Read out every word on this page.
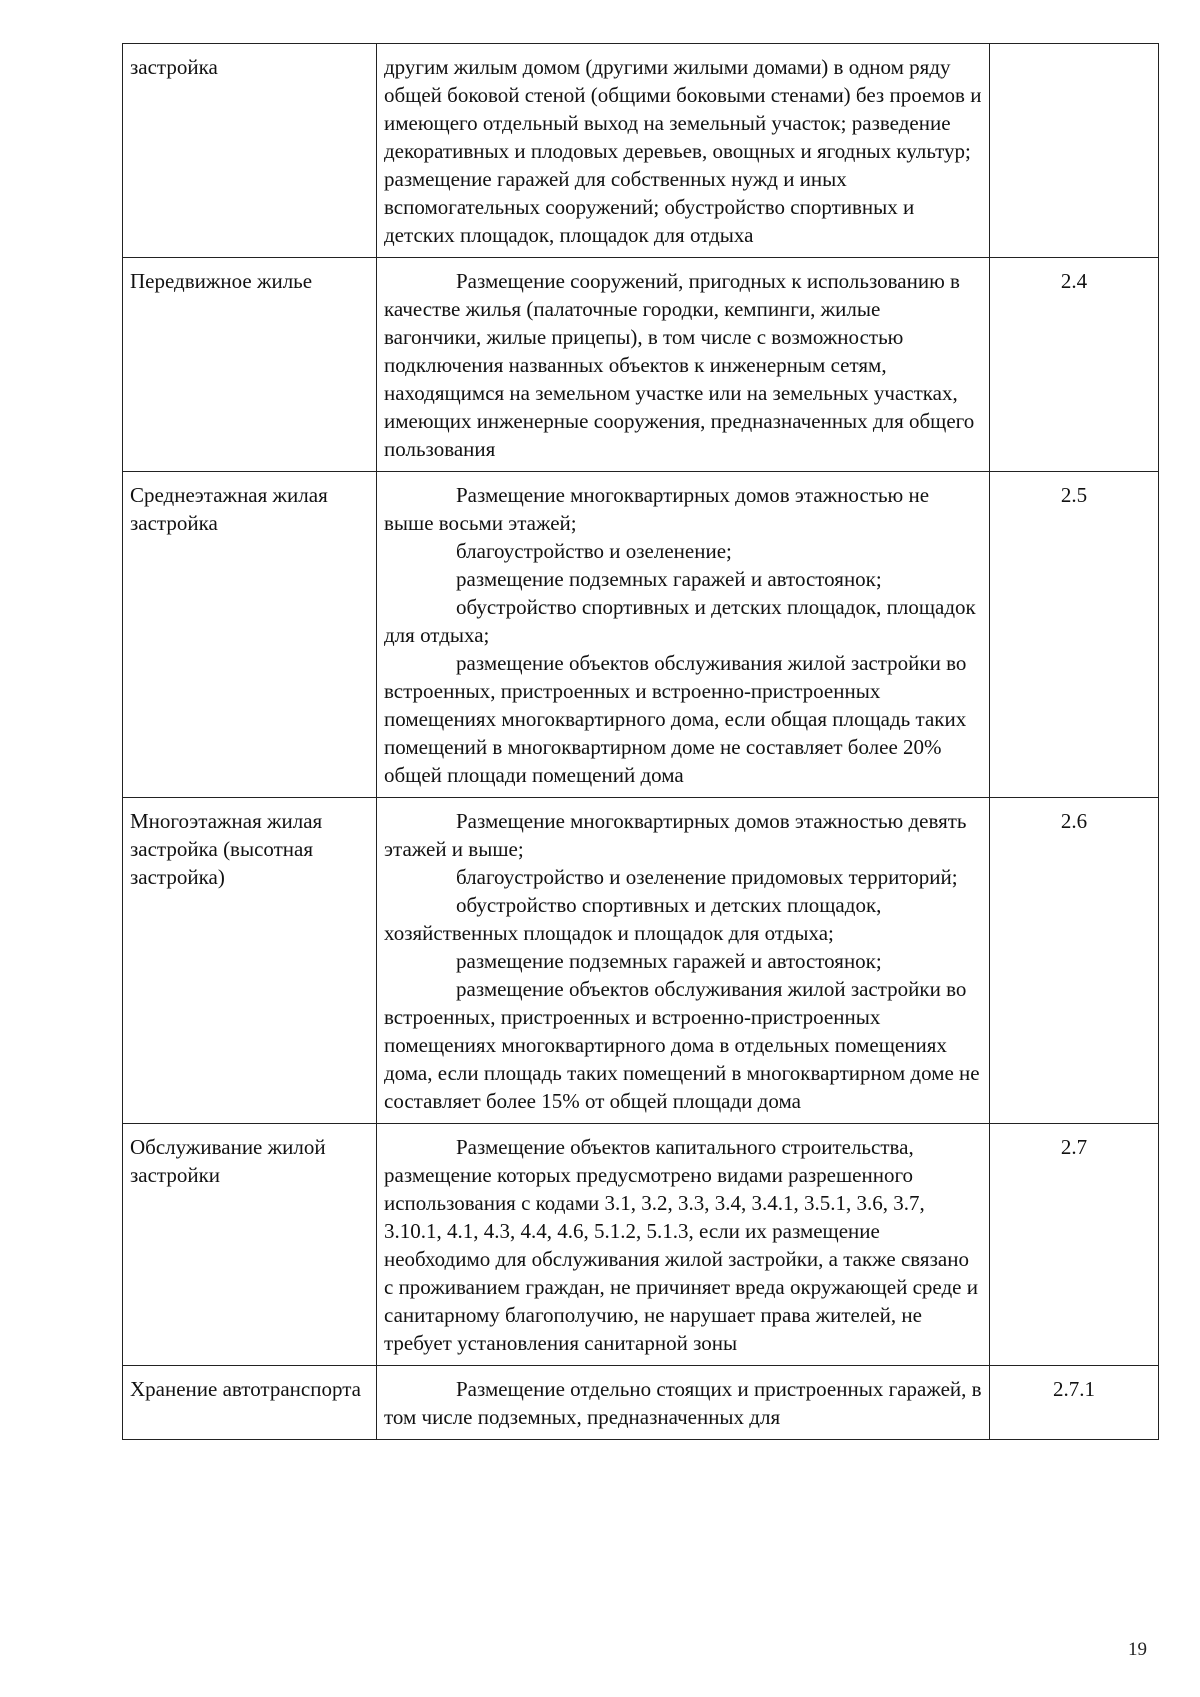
застройка	другим жилым домом (другими жилыми домами) в одном ряду общей боковой стеной (общими боковыми стенами) без проемов и имеющего отдельный выход на земельный участок; разведение декоративных и плодовых деревьев, овощных и ягодных культур; размещение гаражей для собственных нужд и иных вспомогательных сооружений; обустройство спортивных и детских площадок, площадок для отдыха	

Передвижное жилье	Размещение сооружений, пригодных к использованию в качестве жилья (палаточные городки, кемпинги, жилые вагончики, жилые прицепы), в том числе с возможностью подключения названных объектов к инженерным сетям, находящимся на земельном участке или на земельных участках, имеющих инженерные сооружения, предназначенных для общего пользования	2.4
Среднеэтажная жилая застройка	Размещение многоквартирных домов этажностью не выше восьми этажей;
благоустройство и озеленение;
размещение подземных гаражей и автостоянок;
обустройство спортивных и детских площадок, площадок для отдыха;
размещение объектов обслуживания жилой застройки во встроенных, пристроенных и встроенно-пристроенных помещениях многоквартирного дома, если общая площадь таких помещений в многоквартирном доме не составляет более 20% общей площади помещений дома	2.5
Многоэтажная жилая застройка (высотная застройка)	Размещение многоквартирных домов этажностью девять этажей и выше;
благоустройство и озеленение придомовых территорий;
обустройство спортивных и детских площадок, хозяйственных площадок и площадок для отдыха;
размещение подземных гаражей и автостоянок;
размещение объектов обслуживания жилой застройки во встроенных, пристроенных и встроенно-пристроенных помещениях многоквартирного дома в отдельных помещениях дома, если площадь таких помещений в многоквартирном доме не составляет более 15% от общей площади дома	2.6
Обслуживание жилой застройки	Размещение объектов капитального строительства, размещение которых предусмотрено видами разрешенного использования с кодами 3.1, 3.2, 3.3, 3.4, 3.4.1, 3.5.1, 3.6, 3.7, 3.10.1, 4.1, 4.3, 4.4, 4.6, 5.1.2, 5.1.3, если их размещение необходимо для обслуживания жилой застройки, а также связано с проживанием граждан, не причиняет вреда окружающей среде и санитарному благополучию, не нарушает права жителей, не требует установления санитарной зоны	2.7
Хранение автотранспорта	Размещение отдельно стоящих и пристроенных гаражей, в том числе подземных, предназначенных для	2.7.1
19
